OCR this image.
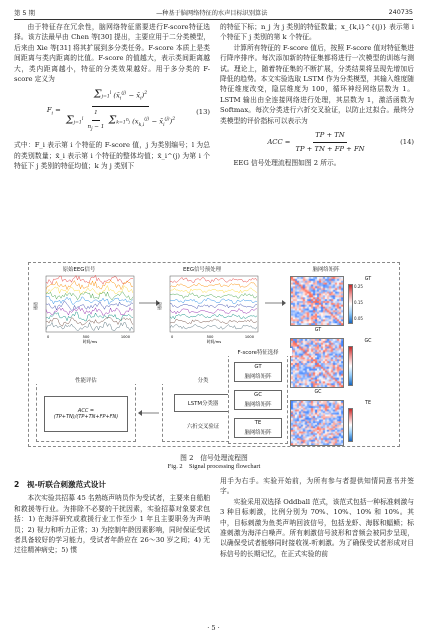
第 5 期	—种基于脑网络特征的水声目标识别算法	240735

由于特征存在冗余性，脑网络特征需要进行F-score特征选择。该方法最早由 Chen 等[30] 提出，主要应用于二分类模型，后来由 Xie 等[31] 将其扩展到多分类任务。F-score 本质上是类间距离与类内距离的比值。F-score 的值越大，表示类间距离越大，类内距离越小，特征的分类效果越好。用于多分类的 F-score 定义为

$F_i = \frac{\Sigma j=1^l (x̄_i^{(j)} - x̄_i)^2}{\Sigma j=1^l \frac{1}{n_j - 1} \Sigma k=1^{n_j} (x_{k,i}^{(j)} - x̄_i^{(j)})^2}$	(13)

式中：F_i 表示第 i 个特征的 F-score 值，j 为类别编号；l 为总的类别数量；x̄_i 表示第 i 个特征的整体均值；x̄_i^(j) 为第 i 个特征下 j 类别的特征均值；k 为 j 类别下

的特征下标；n_j 为 j 类别的特征数量；x_{k,i}^{(j)} 表示第 i 个特征下 j 类别的第 k 个特征。

计算所有特征的 F-score 值后，按照 F-score 值对特征集进行降序排序。每次添加新的特征集都将进行一次模型的训练与测试。理论上，随着特征集的不断扩展，分类结果将呈现先增加后降低的趋势。本文实验选取 LSTM 作为分类模型，其输入维度随特征维度改变，隐层维度为 100，循环神经网络层数为 1。LSTM 输出由全连接网络进行处理，其层数为 1，激活函数为 Softmax。每次分类进行六折交叉验证，以防止过拟合。最终分类模型的评价指标可以表示为

ACC = $\frac{TP + TN}{TP + TN + FP + FN}$	(14)

EEG 信号处理流程图如图 2 所示。

原始EEG信号	EEG信号预处理	脑网络矩阵
通道
0	500	1000
时间/ms
通道
0	500	1000
时间/ms
GT
GT
GC
GC
TE
0.25
0.15
0.05
性能评估
ACC = (TP+TN)/(TP+TN+FP+FN)
分类
LSTM分类器
六折交叉验证
F-score特征选择
GT
脑网络矩阵
GC
脑网络矩阵
TE
脑网络矩阵
图 2　信号处理流程图
Fig. 2　Signal processing flowchart
2　视-听联合刺激范式设计

本次实验共招募 45 名熟练声呐员作为受试者，主要来自船舶和救援等行业。为排除不必要的干扰因素，实验招募对象要求包括：1) 在海洋研究或救援行业工作至少 1 年且主要职务为声呐员；2) 视力和听力正常；3) 为控制年龄因素影响，同时保证受试者具备较好的学习能力，受试者年龄应在 26～30 岁之间；4) 无过往精神病史；5) 惯

用手为右手。实验开始前，为所有参与者提供知情同意书并签字。

实验采用双选择 Oddball 范式，该范式包括一种标准刺激与 3 种目标刺激，比例分别为 70%、10%、10% 和 10%。其中，目标刺激为鱼类声呐回波信号，包括龙虾、海豚和蝠鲼；标准刺激为海洋白噪声。所有刺激信号波形和音频会被同步呈现，以确保受试者能够同时接收视-听刺激。为了确保受试者形成对目标信号的长期记忆，在正式实验的前

· 5 ·
